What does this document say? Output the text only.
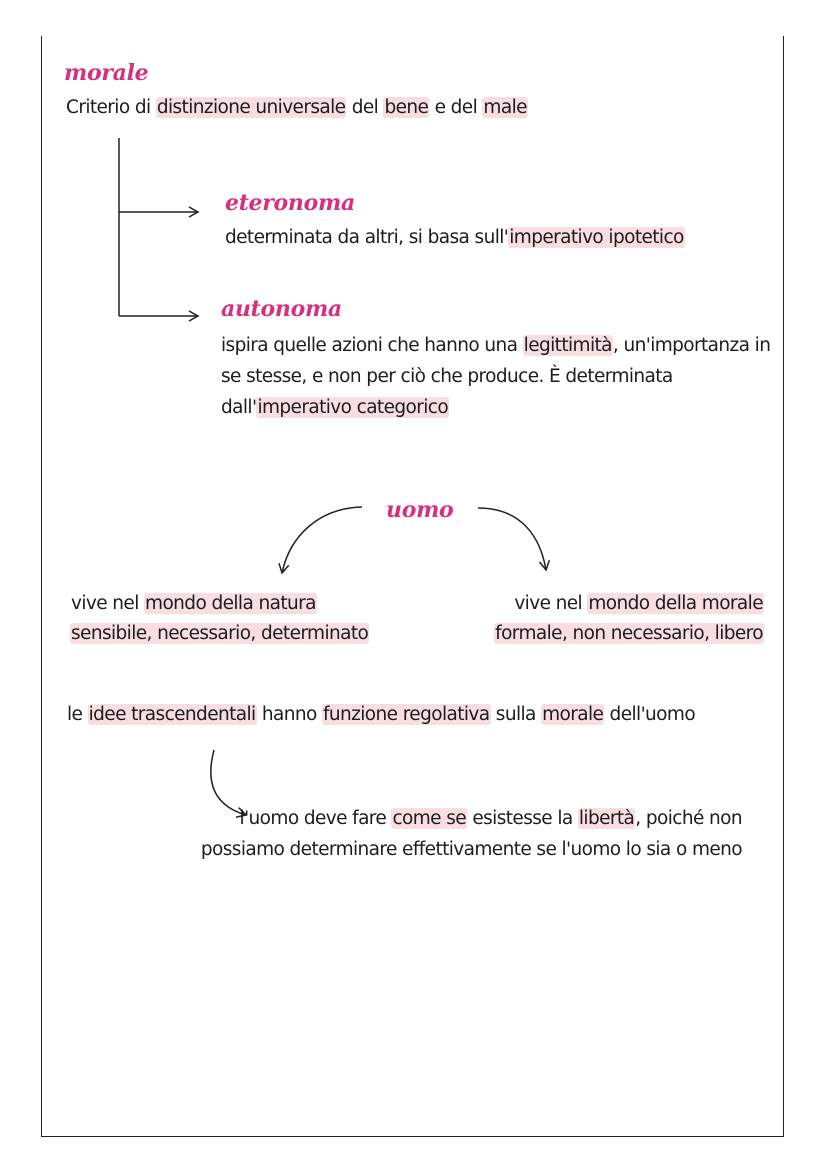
morale
Criterio di distinzione universale del bene e del male
eteronoma
determinata da altri, si basa sull'imperativo ipotetico
autonoma
ispira quelle azioni che hanno una legittimità, un'importanza in
se stesse, e non per ciò che produce. È determinata
dall'imperativo categorico
uomo
vive nel mondo della natura
sensibile, necessario, determinato
vive nel mondo della morale
formale, non necessario, libero
le idee trascendentali hanno funzione regolativa sulla morale dell'uomo
l'uomo deve fare come se esistesse la libertà, poiché non
possiamo determinare effettivamente se l'uomo lo sia o meno
